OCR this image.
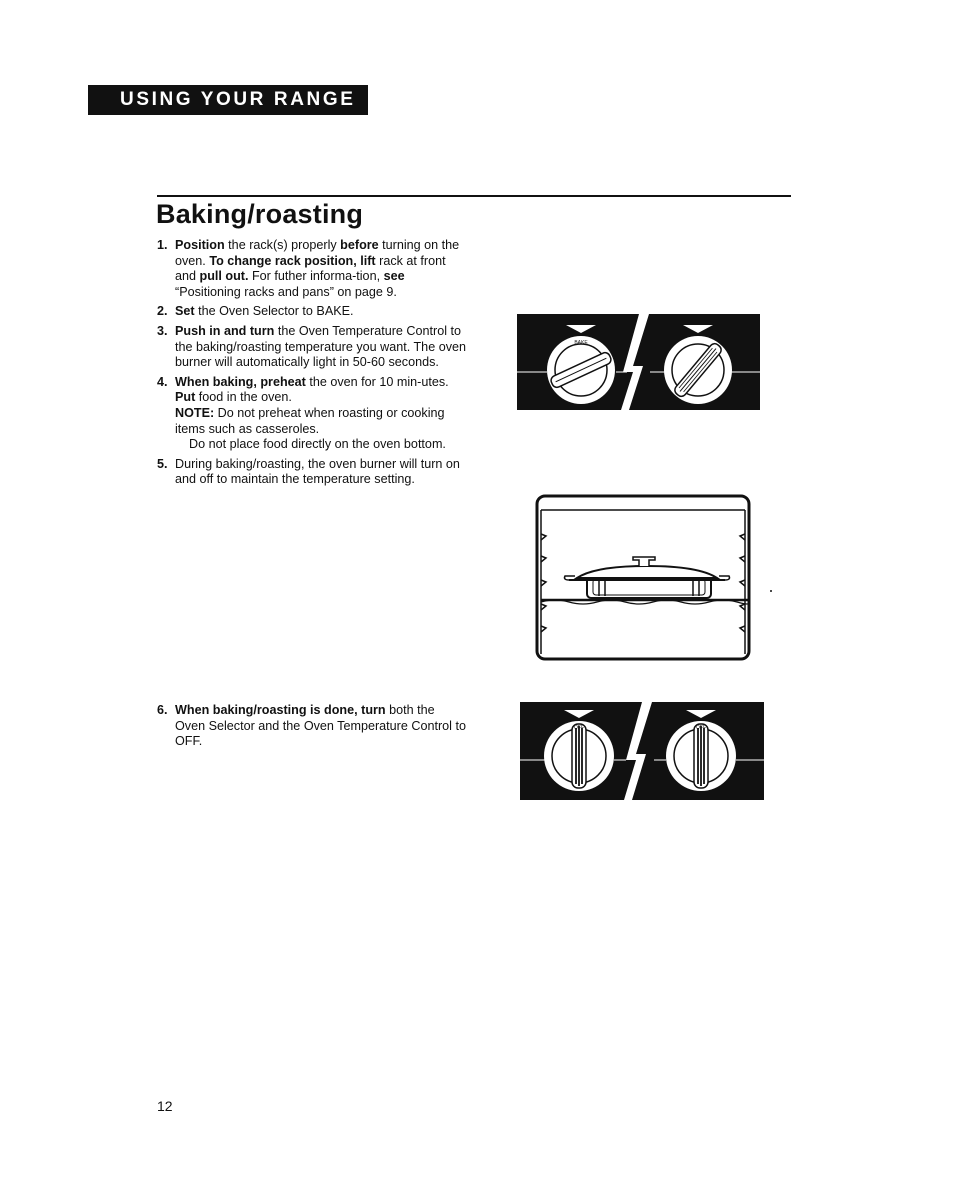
USING YOUR RANGE
Baking/roasting
1. Position the rack(s) properly before turning on the oven. To change rack position, lift rack at front and pull out. For futher informa-tion, see “Positioning racks and pans” on page 9.

2. Set the Oven Selector to BAKE.

3. Push in and turn the Oven Temperature Control to the baking/roasting temperature you want. The oven burner will automatically light in 50-60 seconds.

4. When baking, preheat the oven for 10 min-utes. Put food in the oven.

NOTE: Do not preheat when roasting or cooking items such as casseroles.

Do not place food directly on the oven bottom.

5. During baking/roasting, the oven burner will turn on and off to maintain the temperature setting.

6. When baking/roasting is done, turn both the Oven Selector and the Oven Temperature Control to OFF.

BAKE
OFF	OFF
12
